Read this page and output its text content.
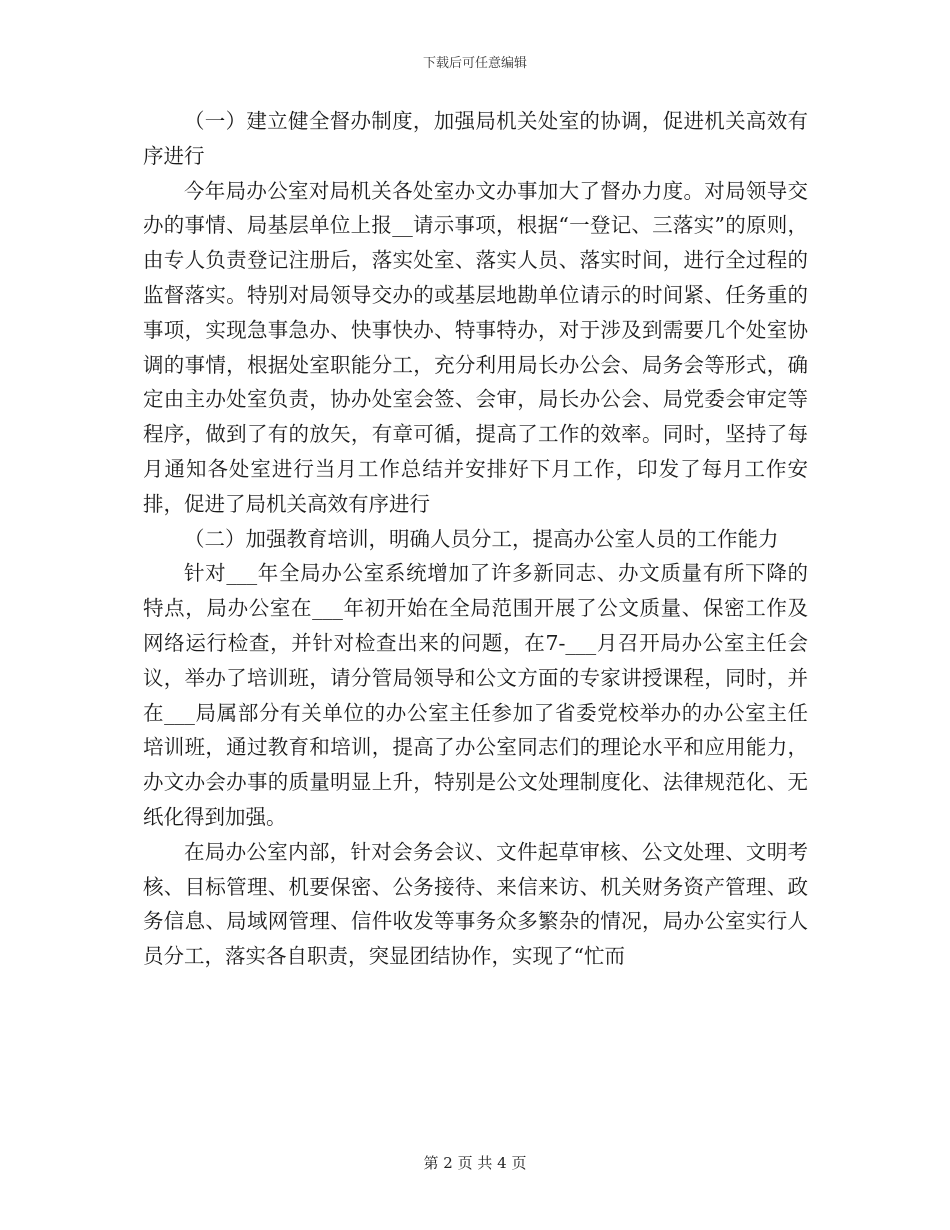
下载后可任意编辑

（一）建立健全督办制度，加强局机关处室的协调，促进机关高效有序进行

今年局办公室对局机关各处室办文办事加大了督办力度。对局领导交办的事情、局基层单位上报__请示事项，根据“一登记、三落实”的原则，由专人负责登记注册后，落实处室、落实人员、落实时间，进行全过程的监督落实。特别对局领导交办的或基层地勘单位请示的时间紧、任务重的事项，实现急事急办、快事快办、特事特办，对于涉及到需要几个处室协调的事情，根据处室职能分工，充分利用局长办公会、局务会等形式，确定由主办处室负责，协办处室会签、会审，局长办公会、局党委会审定等程序，做到了有的放矢，有章可循，提高了工作的效率。同时，坚持了每月通知各处室进行当月工作总结并安排好下月工作，印发了每月工作安排，促进了局机关高效有序进行

（二）加强教育培训，明确人员分工，提高办公室人员的工作能力

针对___年全局办公室系统增加了许多新同志、办文质量有所下降的特点，局办公室在___年初开始在全局范围开展了公文质量、保密工作及网络运行检查，并针对检查出来的问题，在7-___月召开局办公室主任会议，举办了培训班，请分管局领导和公文方面的专家讲授课程，同时，并在___局属部分有关单位的办公室主任参加了省委党校举办的办公室主任培训班，通过教育和培训，提高了办公室同志们的理论水平和应用能力，办文办会办事的质量明显上升，特别是公文处理制度化、法律规范化、无纸化得到加强。

在局办公室内部，针对会务会议、文件起草审核、公文处理、文明考核、目标管理、机要保密、公务接待、来信来访、机关财务资产管理、政务信息、局域网管理、信件收发等事务众多繁杂的情况，局办公室实行人员分工，落实各自职责，突显团结协作，实现了“忙而

第 2 页 共 4 页
